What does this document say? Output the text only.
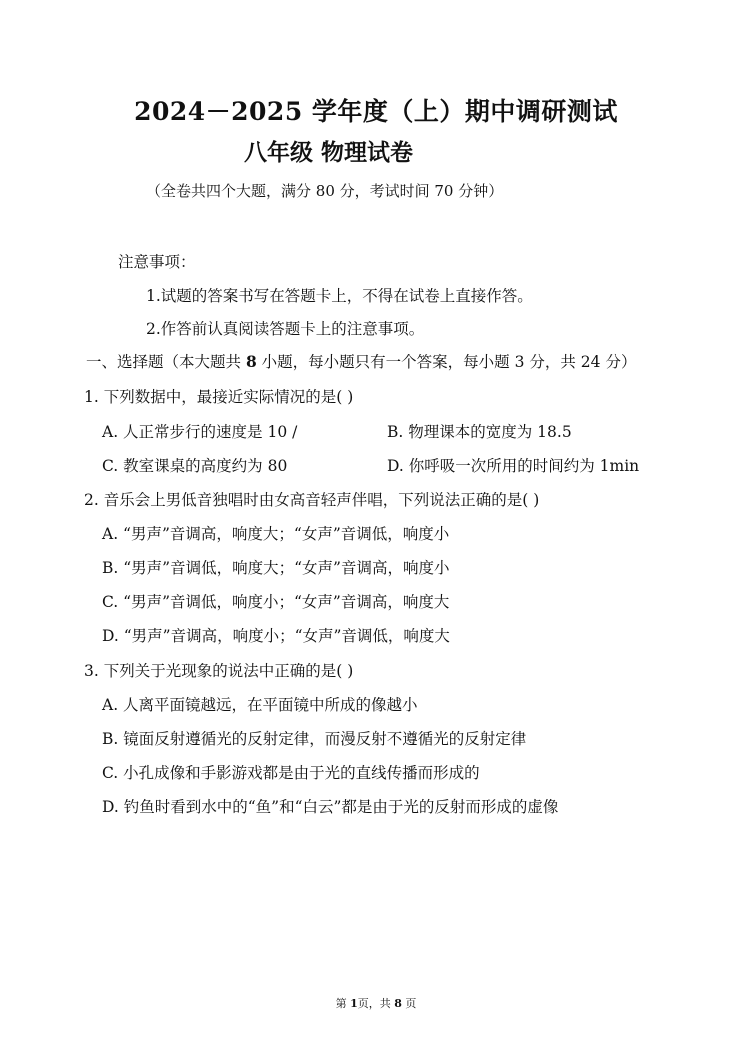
2024－2025 学年度（上）期中调研测试
八年级 物理试卷
（全卷共四个大题，满分 80 分，考试时间 70 分钟）
注意事项：
1.试题的答案书写在答题卡上，不得在试卷上直接作答。
2.作答前认真阅读答题卡上的注意事项。
一、选择题（本大题共 8 小题，每小题只有一个答案，每小题 3 分，共 24 分）
1. 下列数据中，最接近实际情况的是( )
A. 人正常步行的速度是 10 /	B. 物理课本的宽度为 18.5
C. 教室课桌的高度约为 80	D. 你呼吸一次所用的时间约为 1min
2. 音乐会上男低音独唱时由女高音轻声伴唱，下列说法正确的是( )
A. “男声”音调高，响度大；“女声”音调低，响度小
B. “男声”音调低，响度大；“女声”音调高，响度小
C. “男声”音调低，响度小；“女声”音调高，响度大
D. “男声”音调高，响度小；“女声”音调低，响度大
3. 下列关于光现象的说法中正确的是( )
A. 人离平面镜越远，在平面镜中所成的像越小
B. 镜面反射遵循光的反射定律，而漫反射不遵循光的反射定律
C. 小孔成像和手影游戏都是由于光的直线传播而形成的
D. 钓鱼时看到水中的“鱼”和“白云”都是由于光的反射而形成的虚像
第 1页，共 8 页
